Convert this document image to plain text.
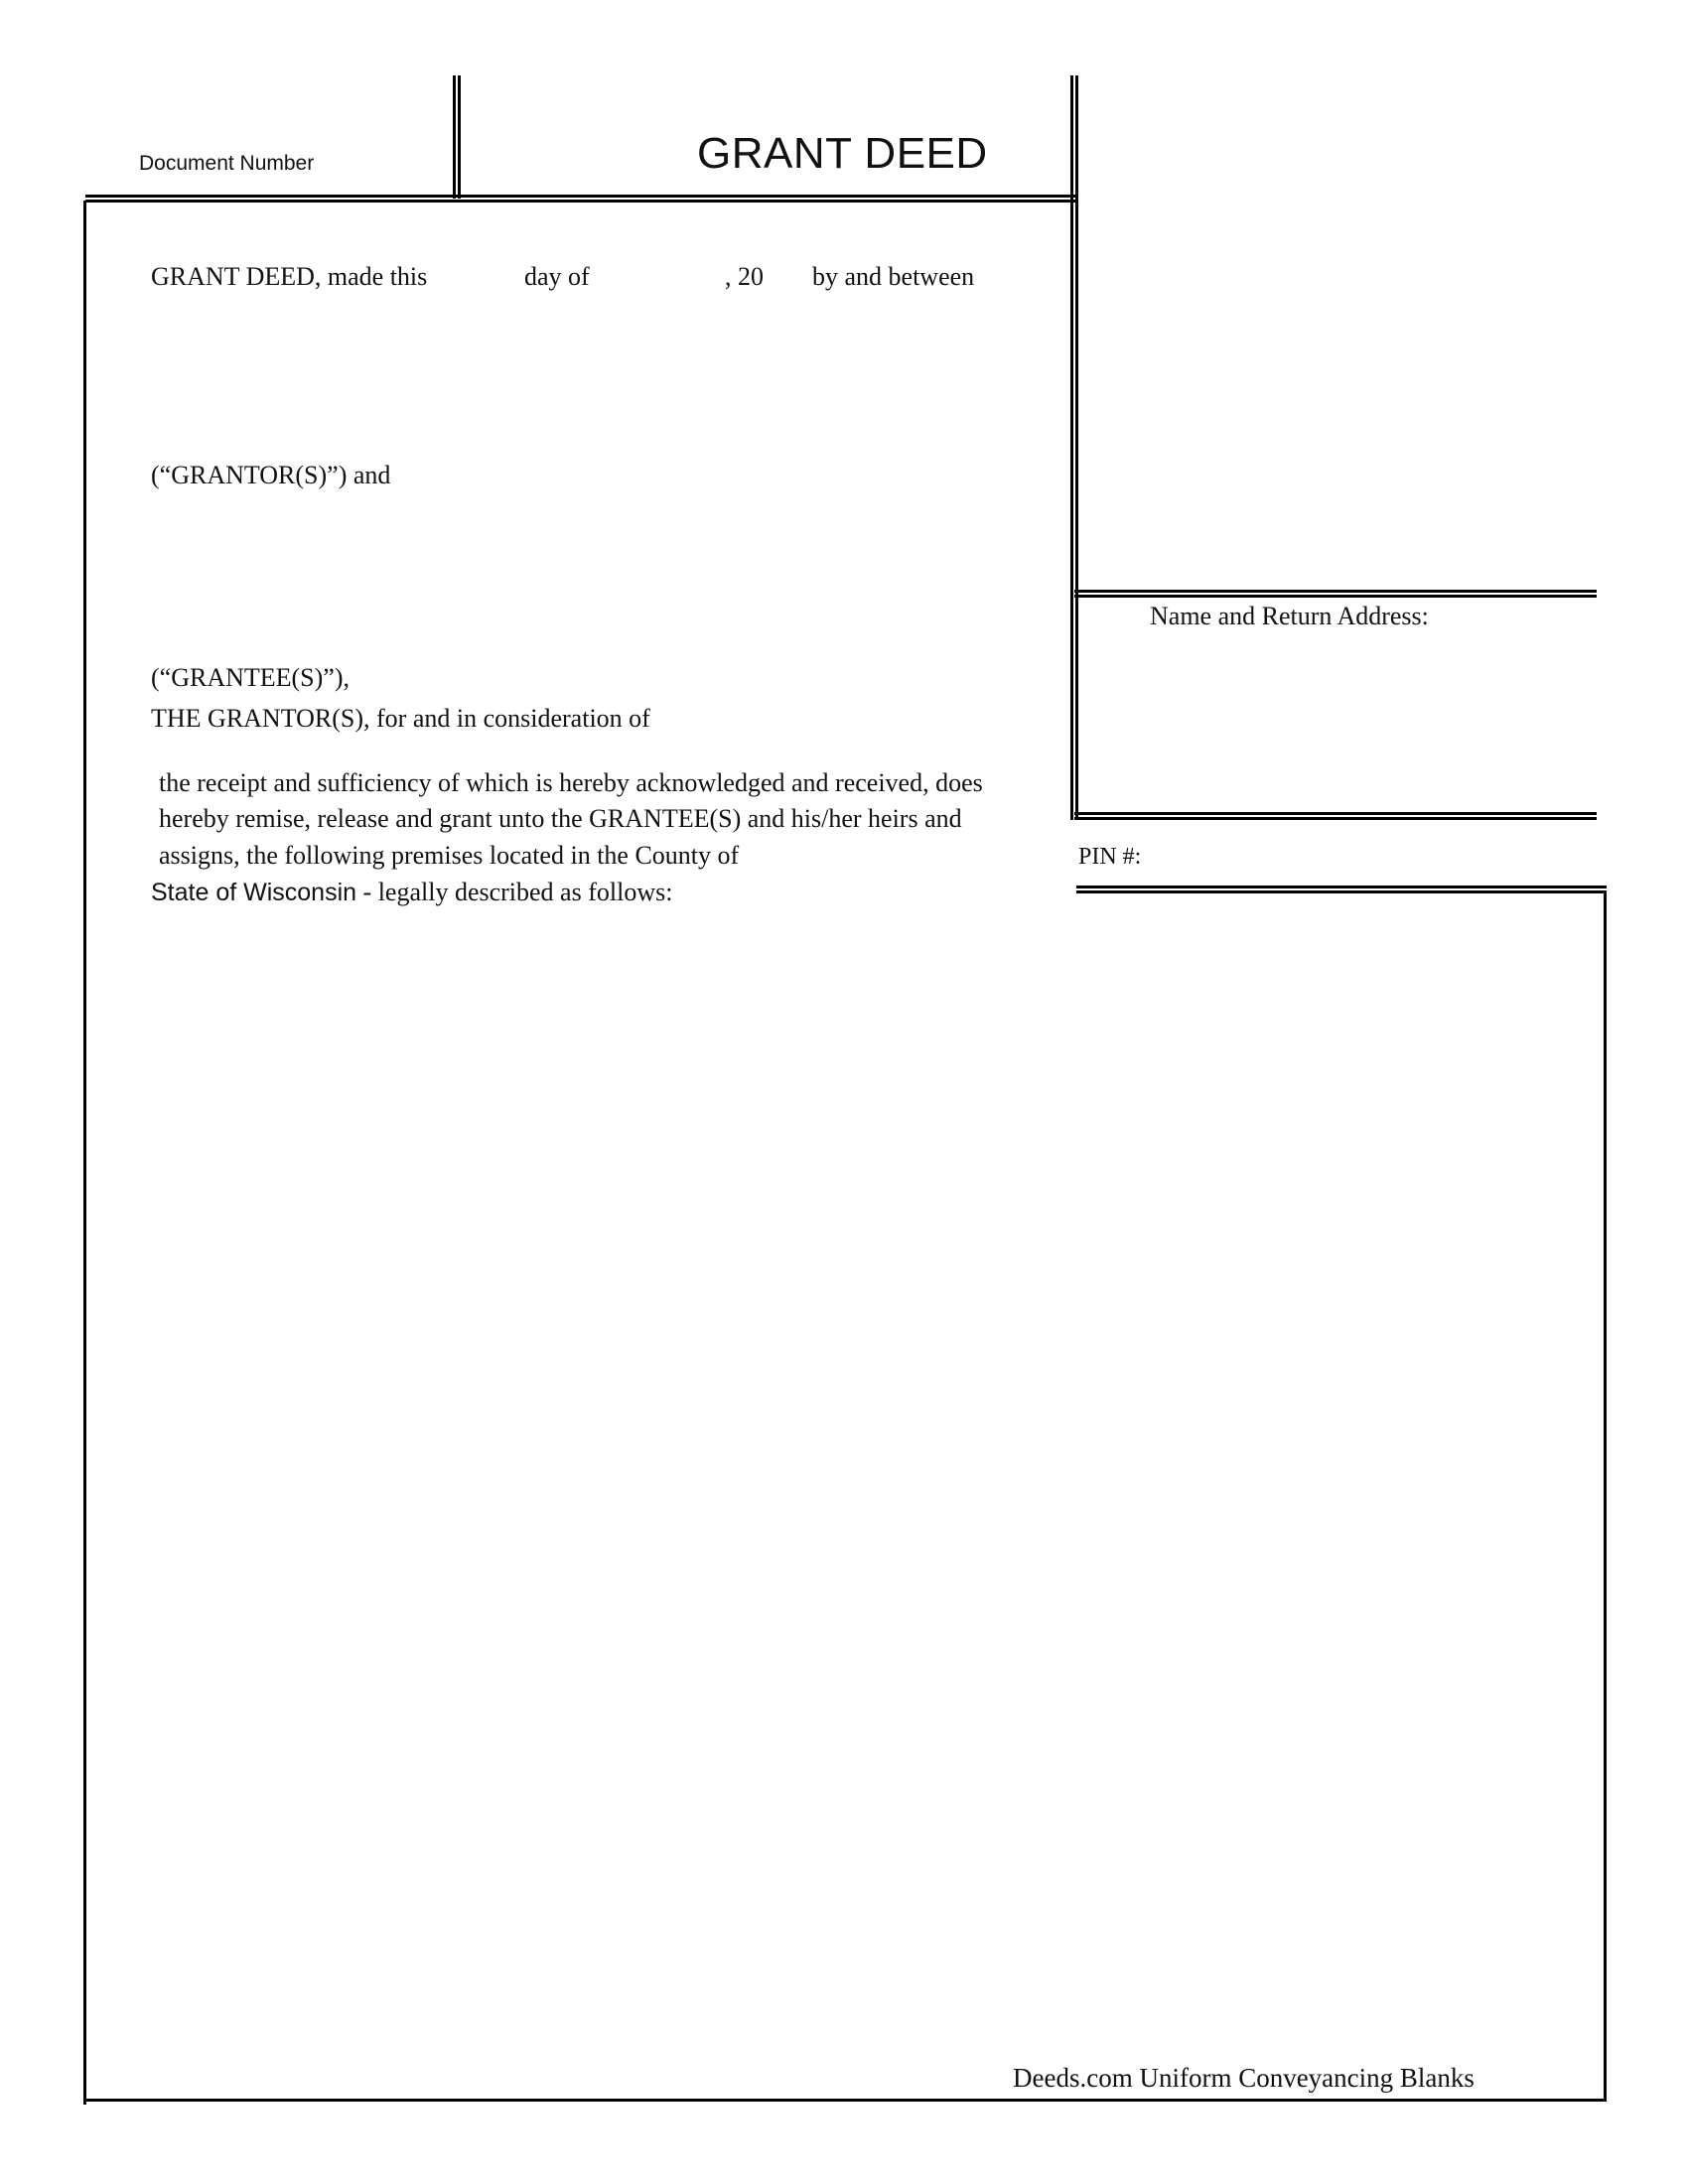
Document Number	GRANT DEED
GRANT DEED, made this	day of	, 20 by and between
(“GRANTOR(S)”) and
(“GRANTEE(S)”),
THE GRANTOR(S), for and in consideration of
the receipt and sufficiency of which is hereby acknowledged and received, does
hereby remise, release and grant unto the GRANTEE(S) and his/her heirs and
assigns, the following premises located in the County of
State of Wisconsin - legally described as follows:
Name and Return Address:
PIN #:
Deeds.com Uniform Conveyancing Blanks
